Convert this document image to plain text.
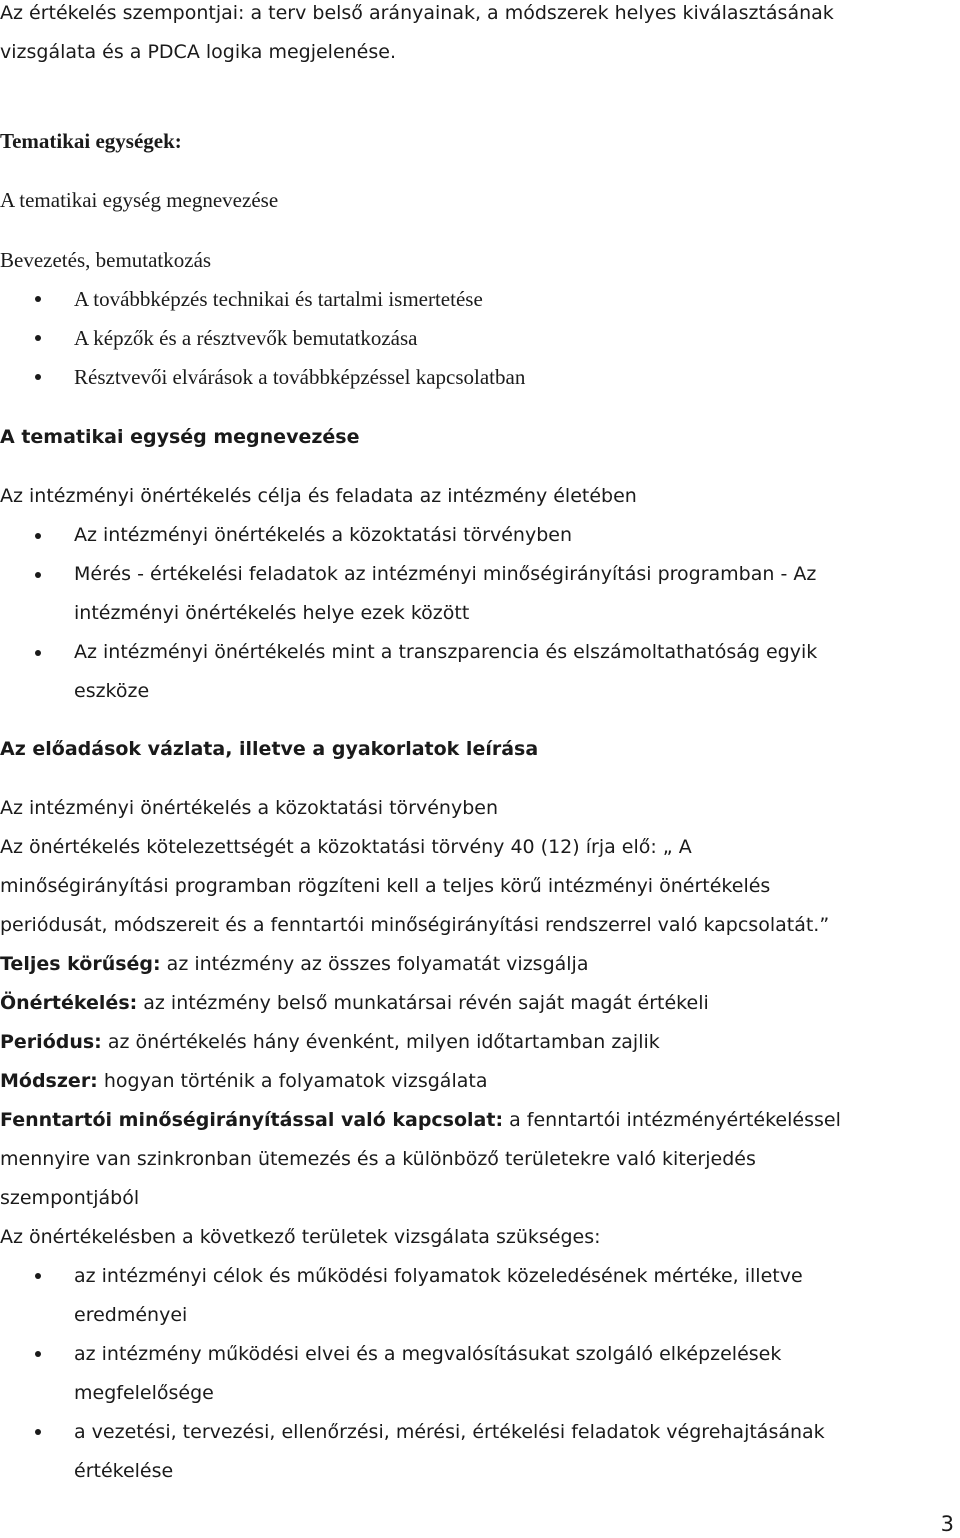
Az értékelés szempontjai: a terv belső arányainak, a módszerek helyes kiválasztásának
vizsgálata és a PDCA logika megjelenése.
Tematikai egységek:
A tematikai egység megnevezése
Bevezetés, bemutatkozás
A továbbképzés technikai és tartalmi ismertetése
A képzők és a résztvevők bemutatkozása
Résztvevői elvárások a továbbképzéssel kapcsolatban
A tematikai egység megnevezése
Az intézményi önértékelés célja és feladata az intézmény életében
Az intézményi önértékelés a közoktatási törvényben
Mérés - értékelési feladatok az intézményi minőségirányítási programban - Az
intézményi önértékelés helye ezek között
Az intézményi önértékelés mint a transzparencia és elszámoltathatóság egyik
eszköze
Az előadások vázlata, illetve a gyakorlatok leírása
Az intézményi önértékelés a közoktatási törvényben
Az önértékelés kötelezettségét a közoktatási törvény 40 (12) írja elő: „ A
minőségirányítási programban rögzíteni kell a teljes körű intézményi önértékelés
periódusát, módszereit és a fenntartói minőségirányítási rendszerrel való kapcsolatát.”
Teljes körűség: az intézmény az összes folyamatát vizsgálja
Önértékelés: az intézmény belső munkatársai révén saját magát értékeli
Periódus: az önértékelés hány évenként, milyen időtartamban zajlik
Módszer: hogyan történik a folyamatok vizsgálata
Fenntartói minőségirányítással való kapcsolat: a fenntartói intézményértékeléssel
mennyire van szinkronban ütemezés és a különböző területekre való kiterjedés
szempontjából
Az önértékelésben a következő területek vizsgálata szükséges:
az intézményi célok és működési folyamatok közeledésének mértéke, illetve
eredményei
az intézmény működési elvei és a megvalósításukat szolgáló elképzelések
megfelelősége
a vezetési, tervezési, ellenőrzési, mérési, értékelési feladatok végrehajtásának
értékelése
3
